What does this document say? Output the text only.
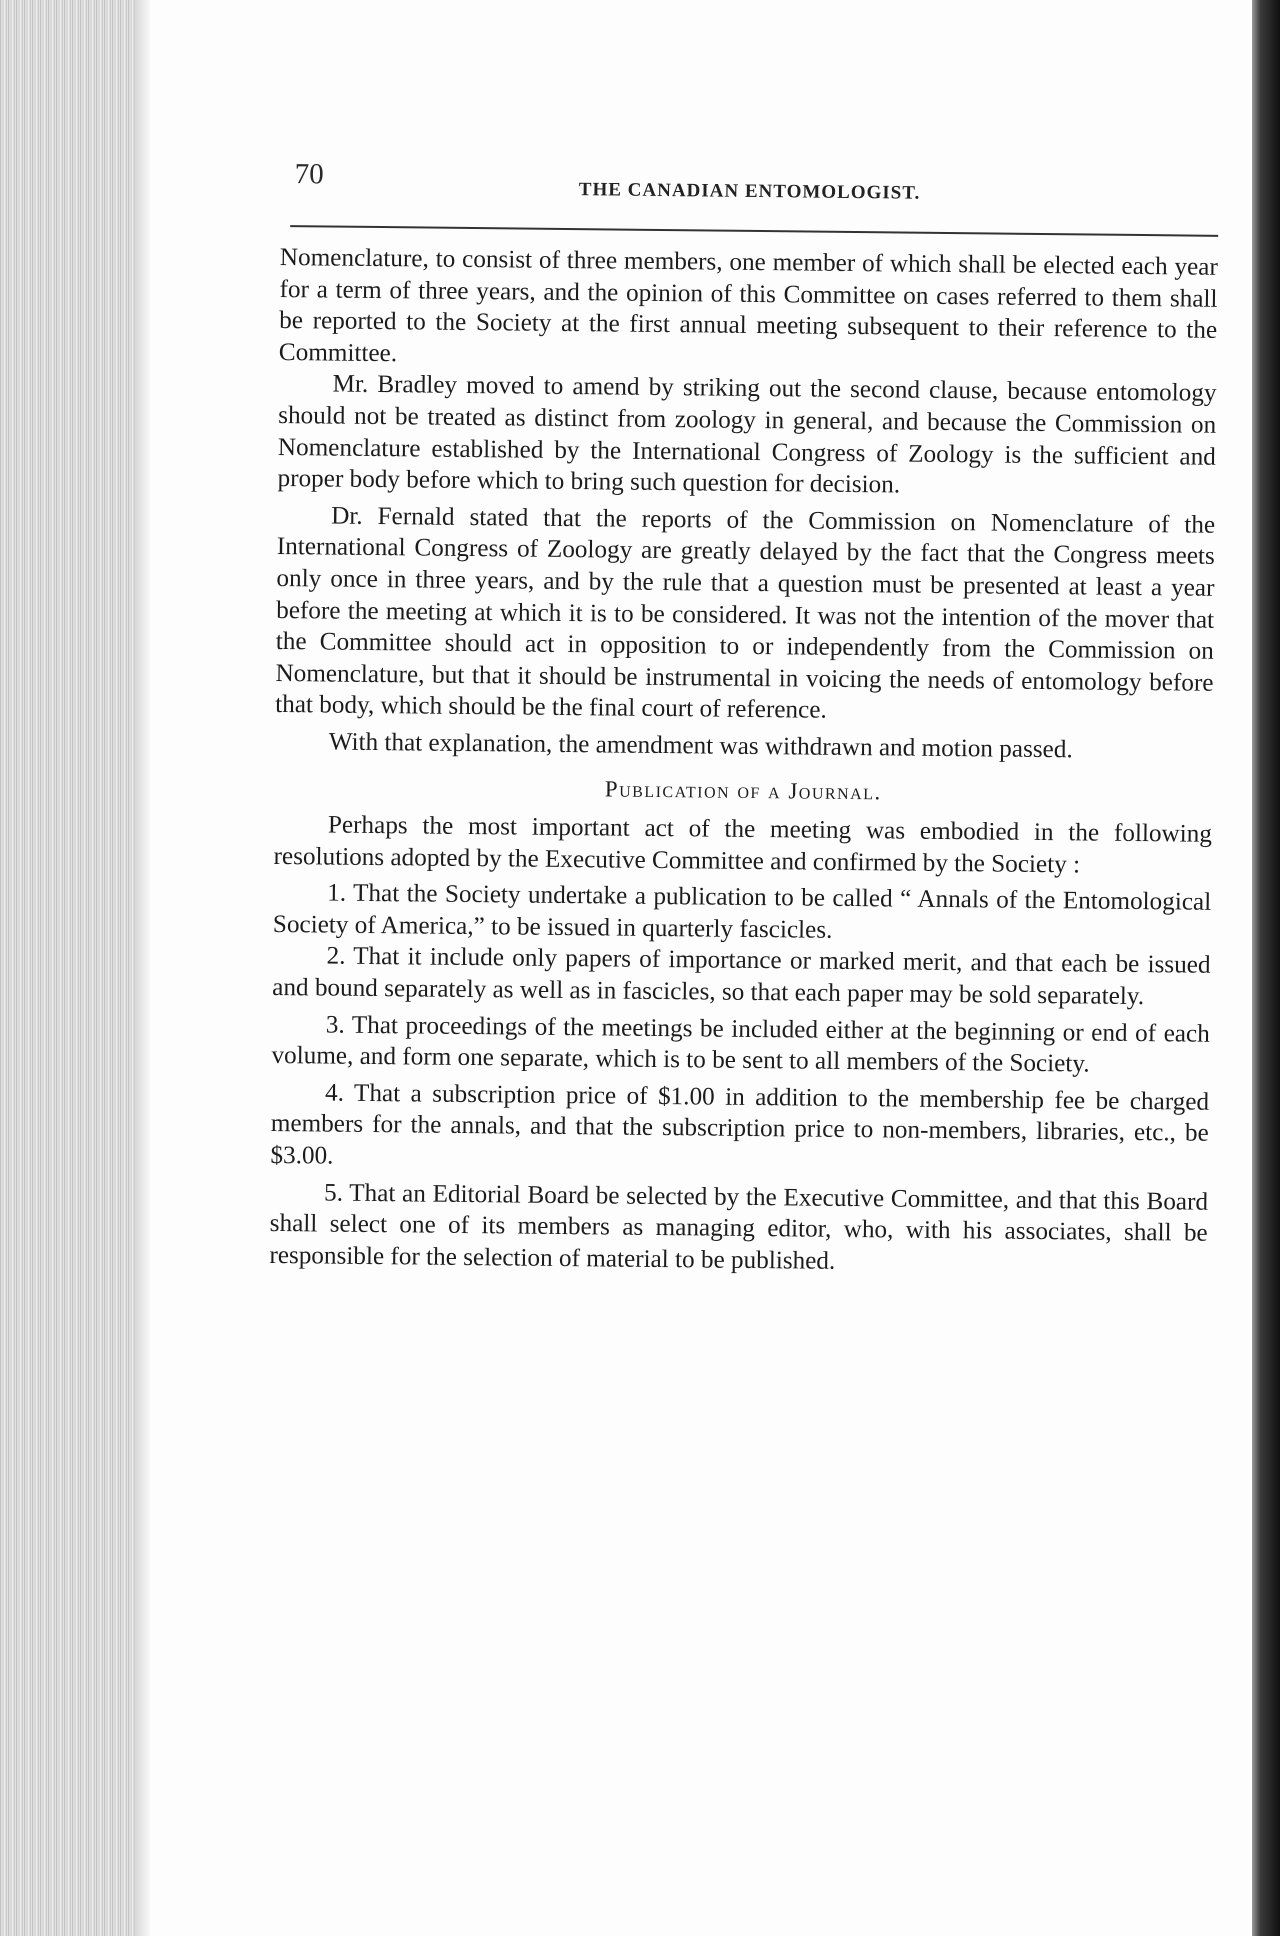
70
THE CANADIAN ENTOMOLOGIST.

Nomenclature, to consist of three members, one member of which shall be elected each year for a term of three years, and the opinion of this Committee on cases referred to them shall be reported to the Society at the first annual meeting subsequent to their reference to the Committee.

Mr. Bradley moved to amend by striking out the second clause, because entomology should not be treated as distinct from zoology in general, and because the Commission on Nomenclature established by the International Congress of Zoology is the sufficient and proper body before which to bring such question for decision.

Dr. Fernald stated that the reports of the Commission on Nomenclature of the International Congress of Zoology are greatly delayed by the fact that the Congress meets only once in three years, and by the rule that a question must be presented at least a year before the meeting at which it is to be considered. It was not the intention of the mover that the Committee should act in opposition to or independently from the Commission on Nomenclature, but that it should be instrumental in voicing the needs of entomology before that body, which should be the final court of reference.

With that explanation, the amendment was withdrawn and motion passed.

Publication of a Journal.

Perhaps the most important act of the meeting was embodied in the following resolutions adopted by the Executive Committee and confirmed by the Society :

1. That the Society undertake a publication to be called “ Annals of the Entomological Society of America,” to be issued in quarterly fascicles.

2. That it include only papers of importance or marked merit, and that each be issued and bound separately as well as in fascicles, so that each paper may be sold separately.

3. That proceedings of the meetings be included either at the beginning or end of each volume, and form one separate, which is to be sent to all members of the Society.

4. That a subscription price of $1.00 in addition to the membership fee be charged members for the annals, and that the subscription price to non-members, libraries, etc., be $3.00.

5. That an Editorial Board be selected by the Executive Committee, and that this Board shall select one of its members as managing editor, who, with his associates, shall be responsible for the selection of material to be published.
